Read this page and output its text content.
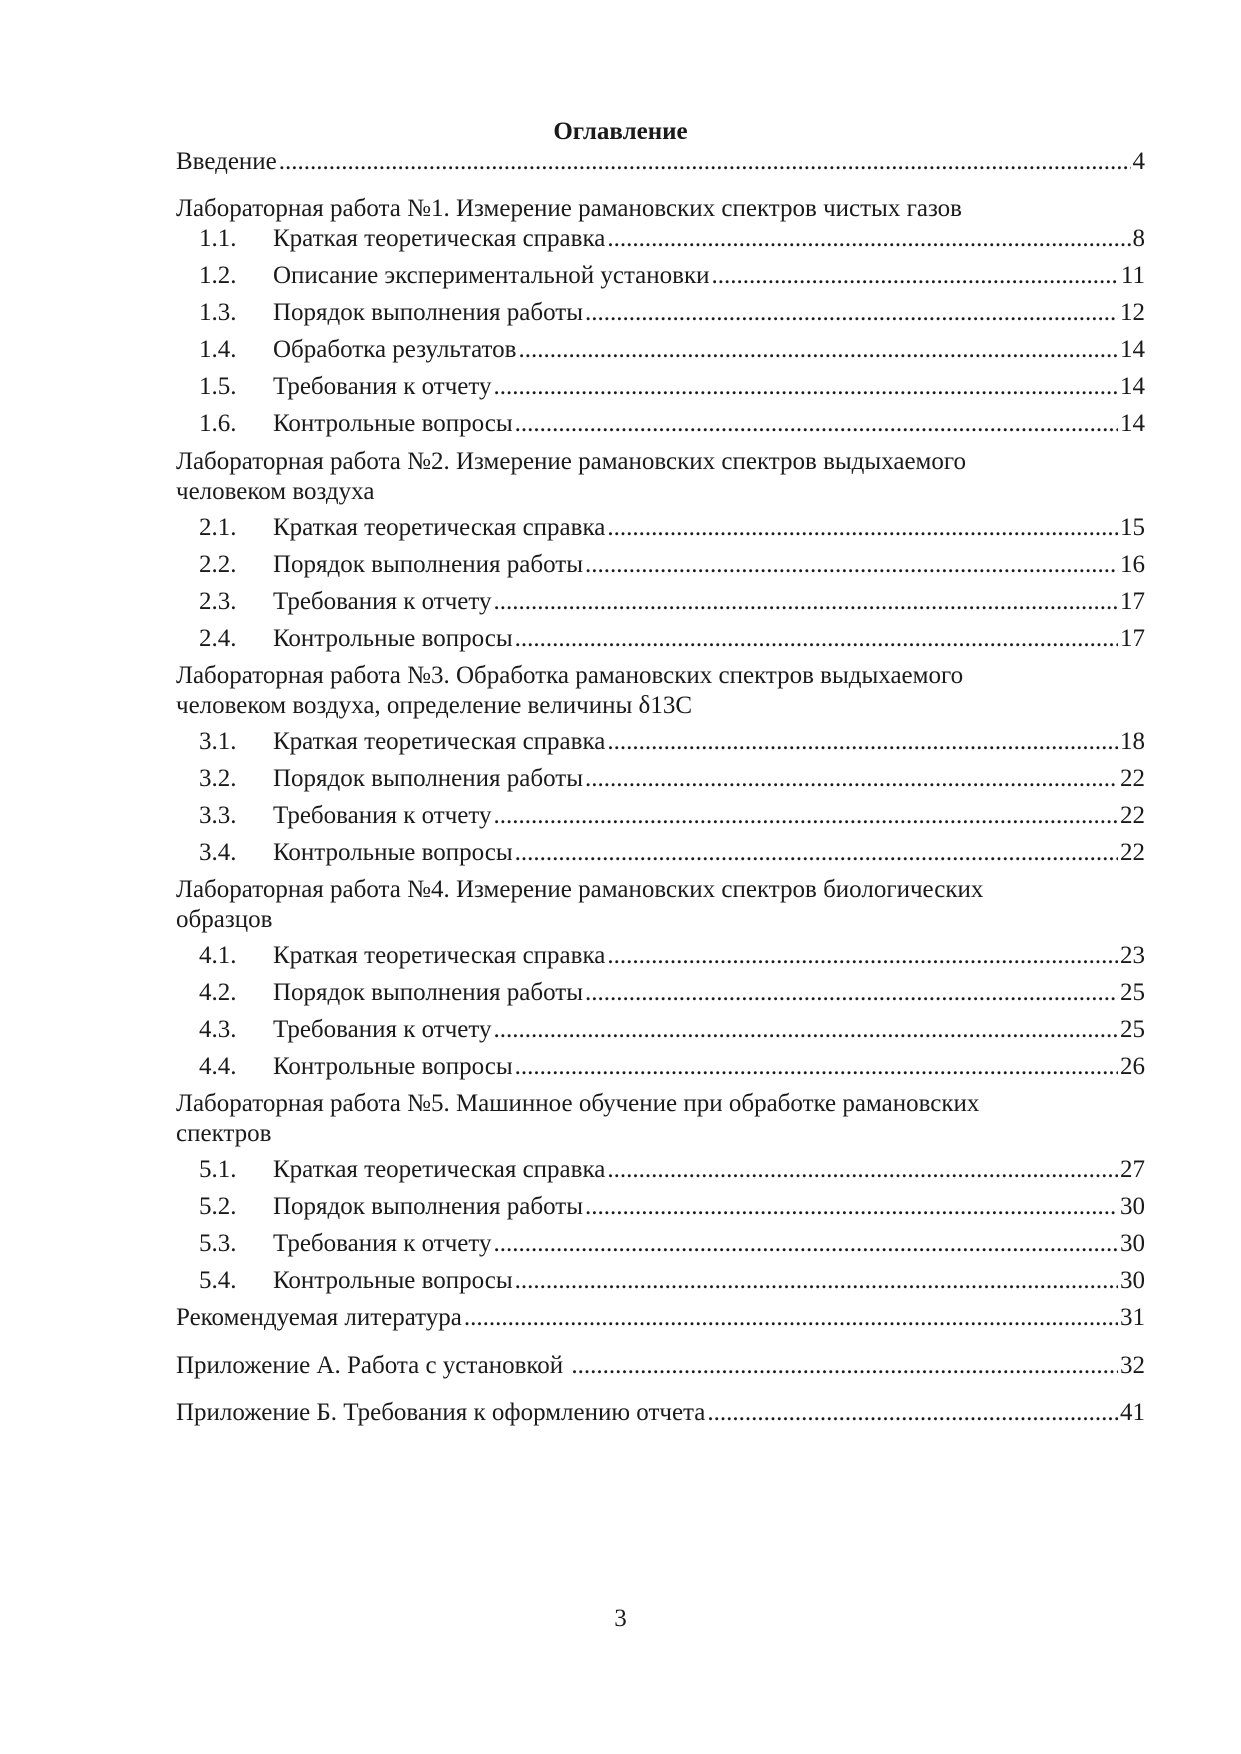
Оглавление
Введение .....	4
Лабораторная работа №1. Измерение рамановских спектров чистых газов
1.1.	Краткая теоретическая справка .....	8
1.2.	Описание экспериментальной установки .....	11
1.3.	Порядок выполнения работы .....	12
1.4.	Обработка результатов .....	14
1.5.	Требования к отчету .....	14
1.6.	Контрольные вопросы .....	14
Лабораторная работа №2. Измерение рамановских спектров выдыхаемого
человеком воздуха
2.1.	Краткая теоретическая справка .....	15
2.2.	Порядок выполнения работы .....	16
2.3.	Требования к отчету .....	17
2.4.	Контрольные вопросы .....	17
Лабораторная работа №3. Обработка рамановских спектров выдыхаемого
человеком воздуха, определение величины δ13С
3.1.	Краткая теоретическая справка .....	18
3.2.	Порядок выполнения работы .....	22
3.3.	Требования к отчету .....	22
3.4.	Контрольные вопросы .....	22
Лабораторная работа №4. Измерение рамановских спектров биологических
образцов
4.1.	Краткая теоретическая справка .....	23
4.2.	Порядок выполнения работы .....	25
4.3.	Требования к отчету .....	25
4.4.	Контрольные вопросы .....	26
Лабораторная работа №5. Машинное обучение при обработке рамановских
спектров
5.1.	Краткая теоретическая справка .....	27
5.2.	Порядок выполнения работы .....	30
5.3.	Требования к отчету .....	30
5.4.	Контрольные вопросы .....	30
Рекомендуемая литература .....	31
Приложение А. Работа с установкой .....	32
Приложение Б. Требования к оформлению отчета .....	41
3
